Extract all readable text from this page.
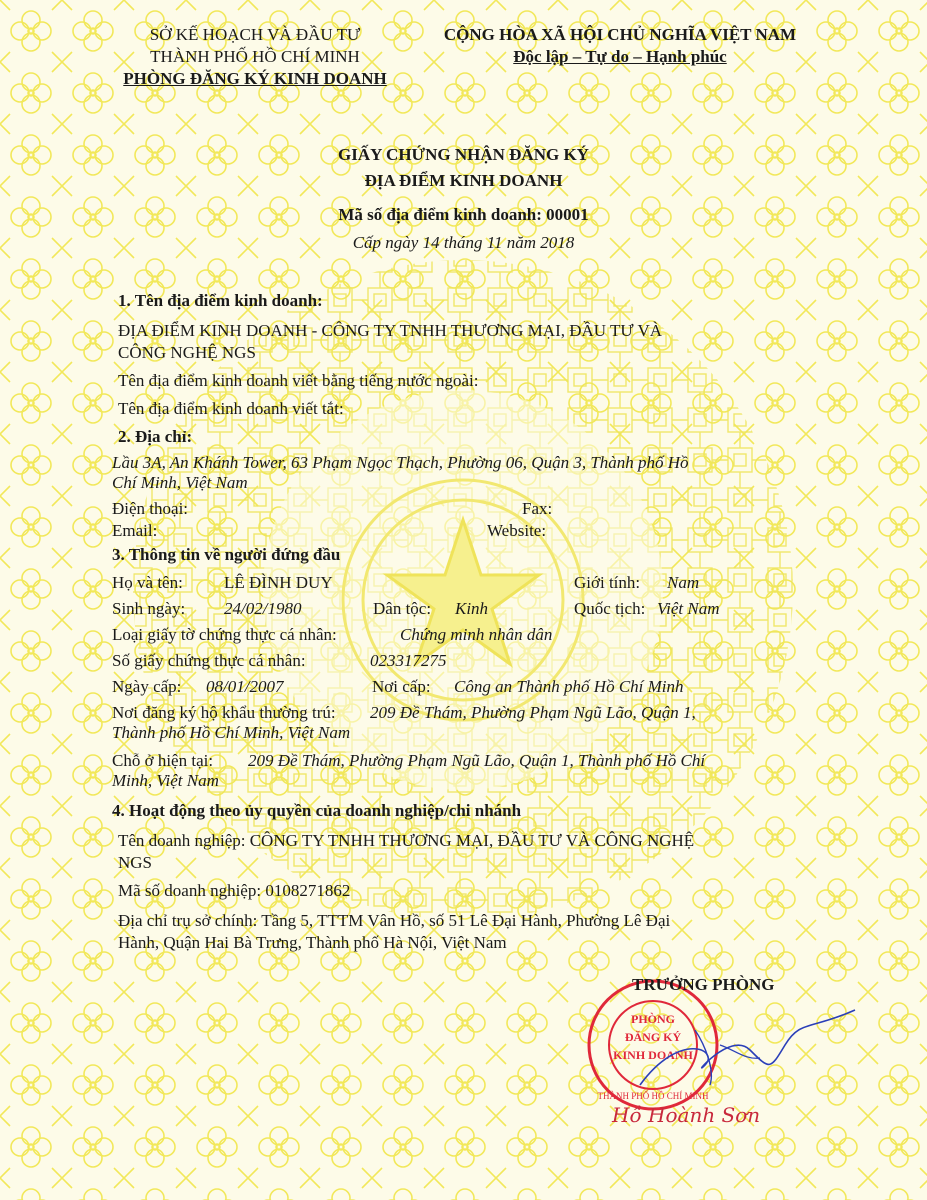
SỞ KẾ HOẠCH VÀ ĐẦU TƯ
THÀNH PHỐ HỒ CHÍ MINH
PHÒNG ĐĂNG KÝ KINH DOANH
CỘNG HÒA XÃ HỘI CHỦ NGHĨA VIỆT NAM
Độc lập – Tự do – Hạnh phúc
GIẤY CHỨNG NHẬN ĐĂNG KÝ
ĐỊA ĐIỂM KINH DOANH
Mã số địa điểm kinh doanh: 00001
Cấp ngày 14 tháng 11 năm 2018
1. Tên địa điểm kinh doanh:
ĐỊA ĐIỂM KINH DOANH - CÔNG TY TNHH THƯƠNG MẠI, ĐẦU TƯ VÀ
CÔNG NGHỆ NGS
Tên địa điểm kinh doanh viết bằng tiếng nước ngoài:
Tên địa điểm kinh doanh viết tắt:
2. Địa chỉ:
Lầu 3A, An Khánh Tower, 63 Phạm Ngọc Thạch, Phường 06, Quận 3, Thành phố Hồ
Chí Minh, Việt Nam
Điện thoại:	Fax:
Email:	Website:
3. Thông tin về người đứng đầu
Họ và tên: LÊ ĐÌNH DUY	Giới tính: Nam
Sinh ngày: 24/02/1980	Dân tộc: Kinh	Quốc tịch: Việt Nam
Loại giấy tờ chứng thực cá nhân:	Chứng minh nhân dân
Số giấy chứng thực cá nhân:	023317275
Ngày cấp: 08/01/2007	Nơi cấp: Công an Thành phố Hồ Chí Minh
Nơi đăng ký hộ khẩu thường trú: 209 Đề Thám, Phường Phạm Ngũ Lão, Quận 1,
Thành phố Hồ Chí Minh, Việt Nam
Chỗ ở hiện tại: 209 Đề Thám, Phường Phạm Ngũ Lão, Quận 1, Thành phố Hồ Chí
Minh, Việt Nam
4. Hoạt động theo ủy quyền của doanh nghiệp/chi nhánh
Tên doanh nghiệp: CÔNG TY TNHH THƯƠNG MẠI, ĐẦU TƯ VÀ CÔNG NGHỆ
NGS
Mã số doanh nghiệp: 0108271862
Địa chỉ trụ sở chính: Tầng 5, TTTM Vân Hồ, số 51 Lê Đại Hành, Phường Lê Đại
Hành, Quận Hai Bà Trưng, Thành phố Hà Nội, Việt Nam
PHÒNG
ĐĂNG KÝ
KINH DOANH
THÀNH PHỐ HỒ CHÍ MINH
TRƯỞNG PHÒNG
Hồ Hoành Sơn
